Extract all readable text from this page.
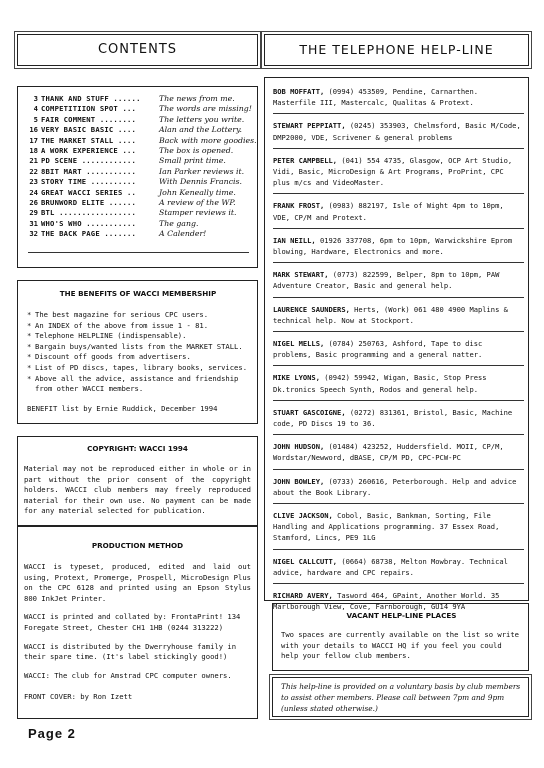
CONTENTS
3 THANK AND STUFF ......	The news from me.
4 COMPETITIION SPOT ...	The words are missing!
5 FAIR COMMENT ........	The letters you write.
16 VERY BASIC BASIC ....	Alan and the Lottery.
17 THE MARKET STALL ....	Back with more goodies.
18 A WORK EXPERIENCE ...	The box is opened.
21 PD SCENE ............	Small print time.
22 8BIT MART ...........	Ian Parker reviews it.
23 STORY TIME ..........	With Dennis Francis.
24 GREAT WACCI SERIES ..	John Keneally time.
26 BRUNWORD ELITE ......	A review of the WP.
29 BTL .................	Stamper reviews it.
31 WHO'S WHO ...........	The gang.
32 THE BACK PAGE .......	A Calender!
THE BENEFITS OF WACCI MEMBERSHIP
* The best magazine for serious CPC users.
* An INDEX of the above from issue 1 - 81.
* Telephone HELPLINE (indispensable).
* Bargain buys/wanted lists from the MARKET STALL.
* Discount off goods from advertisers.
* List of PD discs, tapes, library books, services.
* Above all the advice, assistance and friendship from other WACCI members.
BENEFIT list by Ernie Ruddick, December 1994
COPYRIGHT: WACCI 1994

Material may not be reproduced either in whole or in part without the prior consent of the copyright holders. WACCI club members may freely reproduced material for their own use. No payment can be made for any material selected for publication.

PRODUCTION METHOD

WACCI is typeset, produced, edited and laid out using, Protext, Promerge, Prospell, MicroDesign Plus on the CPC 6128 and printed using an Epson Stylus 800 InkJet Printer.

WACCI is printed and collated by: FrontaPrint! 134 Foregate Street, Chester CH1 1HB (0244 313222)

WACCI is distributed by the Dwerryhouse family in their spare time. (It's label stickingly good!)

WACCI: The club for Amstrad CPC computer owners.

FRONT COVER: by Ron Izett

THE TELEPHONE HELP-LINE
BOB MOFFATT, (0994) 453509, Pendine, Carnarthen. Masterfile III, Mastercalc, Qualitas & Protext.
STEWART PEPPIATT, (0245) 353903, Chelmsford, Basic M/Code, DMP2000, VDE, Scrivener & general problems
PETER CAMPBELL, (041) 554 4735, Glasgow, OCP Art Studio, Vidi, Basic, MicroDesign & Art Programs, ProPrint, CPC plus m/cs and VideoMaster.
FRANK FROST, (0983) 882197, Isle of Wight 4pm to 10pm, VDE, CP/M and Protext.
IAN NEILL, 01926 337708, 6pm to 10pm, Warwickshire Eprom blowing, Hardware, Electronics and more.
MARK STEWART, (0773) 822599, Belper, 8pm to 10pm, PAW Adventure Creator, Basic and general help.
LAURENCE SAUNDERS, Herts, (Work) 061 480 4900 Maplins & technical help. Now at Stockport.
NIGEL MELLS, (0784) 250763, Ashford, Tape to disc problems, Basic programming and a general natter.
MIKE LYONS, (0942) 59942, Wigan, Basic, Stop Press Dk.tronics Speech Synth, Rodos and general help.
STUART GASCOIGNE, (0272) 831361, Bristol, Basic, Machine code, PD Discs 19 to 36.
JOHN HUDSON, (01484) 423252, Huddersfield. MOII, CP/M, Wordstar/Newword, dBASE, CP/M PD, CPC-PCW-PC
JOHN BOWLEY, (0733) 260616, Peterborough. Help and advice about the Book Library.
CLIVE JACKSON, Cobol, Basic, Bankman, Sorting, File Handling and Applications programming. 37 Essex Road, Stamford, Lincs, PE9 1LG
NIGEL CALLCUTT, (0664) 68738, Melton Mowbray. Technical advice, hardware and CPC repairs.
RICHARD AVERY, Tasword 464, GPaint, Another World. 35 Marlborough View, Cove, Farnborough, GU14 9YA
VACANT HELP-LINE PLACES

Two spaces are currently available on the list so write with your details to WACCI HQ if you feel you could help your fellow club members.

This help-line is provided on a voluntary basis by club members to assist other members. Please call between 7pm and 9pm (unless stated otherwise.)

Page 2
